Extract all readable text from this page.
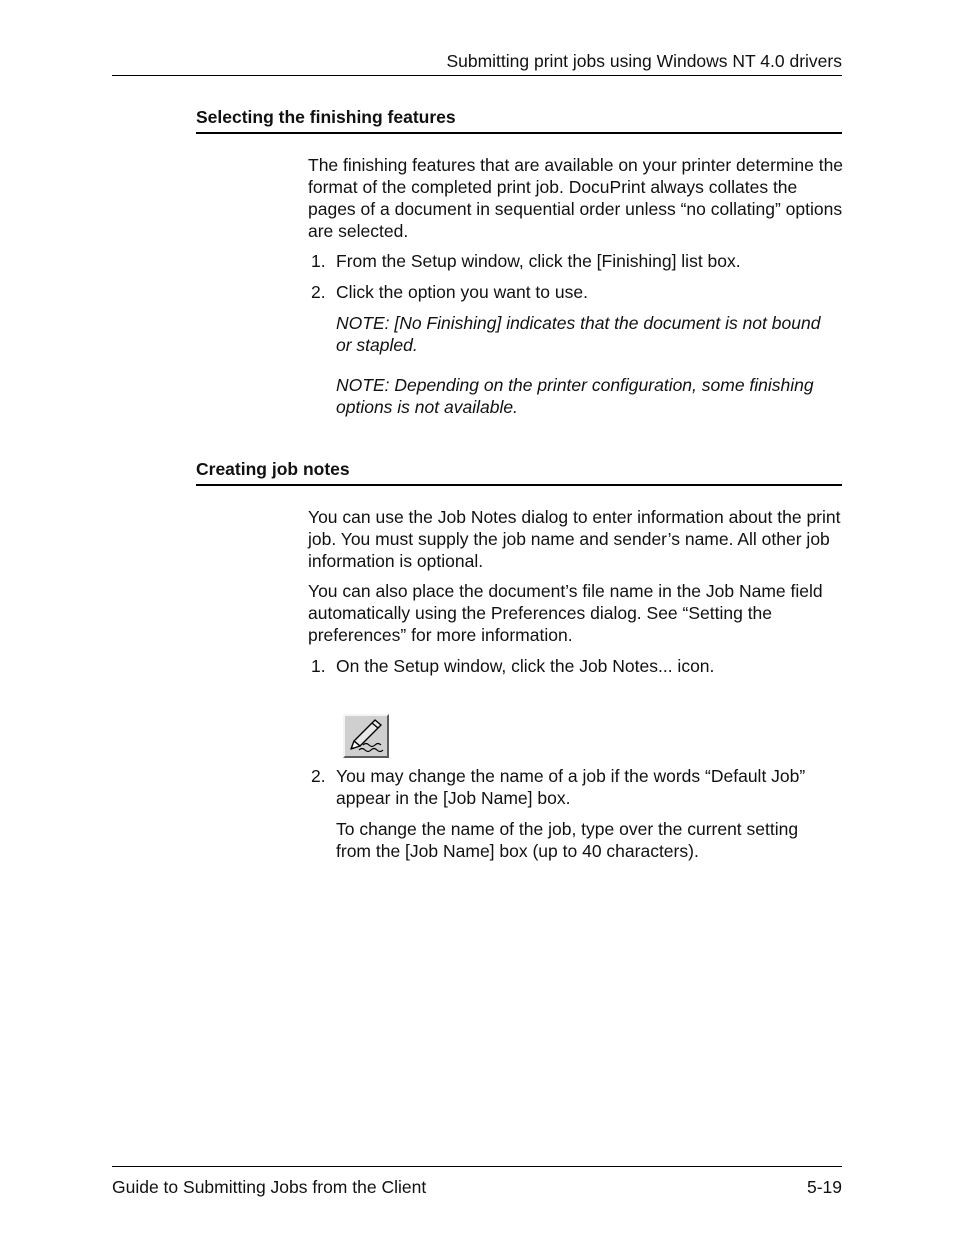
Submitting print jobs using Windows NT 4.0 drivers
Selecting the finishing features
The finishing features that are available on your printer determine the format of the completed print job. DocuPrint always collates the pages of a document in sequential order unless “no collating” options are selected.
1. From the Setup window, click the [Finishing] list box.
2. Click the option you want to use.
NOTE: [No Finishing] indicates that the document is not bound or stapled.
NOTE: Depending on the printer configuration, some finishing options is not available.
Creating job notes
You can use the Job Notes dialog to enter information about the print job. You must supply the job name and sender’s name. All other job information is optional.
You can also place the document’s file name in the Job Name field automatically using the Preferences dialog. See “Setting the preferences” for more information.
1. On the Setup window, click the Job Notes... icon.
2. You may change the name of a job if the words “Default Job” appear in the [Job Name] box.
To change the name of the job, type over the current setting from the [Job Name] box (up to 40 characters).
Guide to Submitting Jobs from the Client	5-19
